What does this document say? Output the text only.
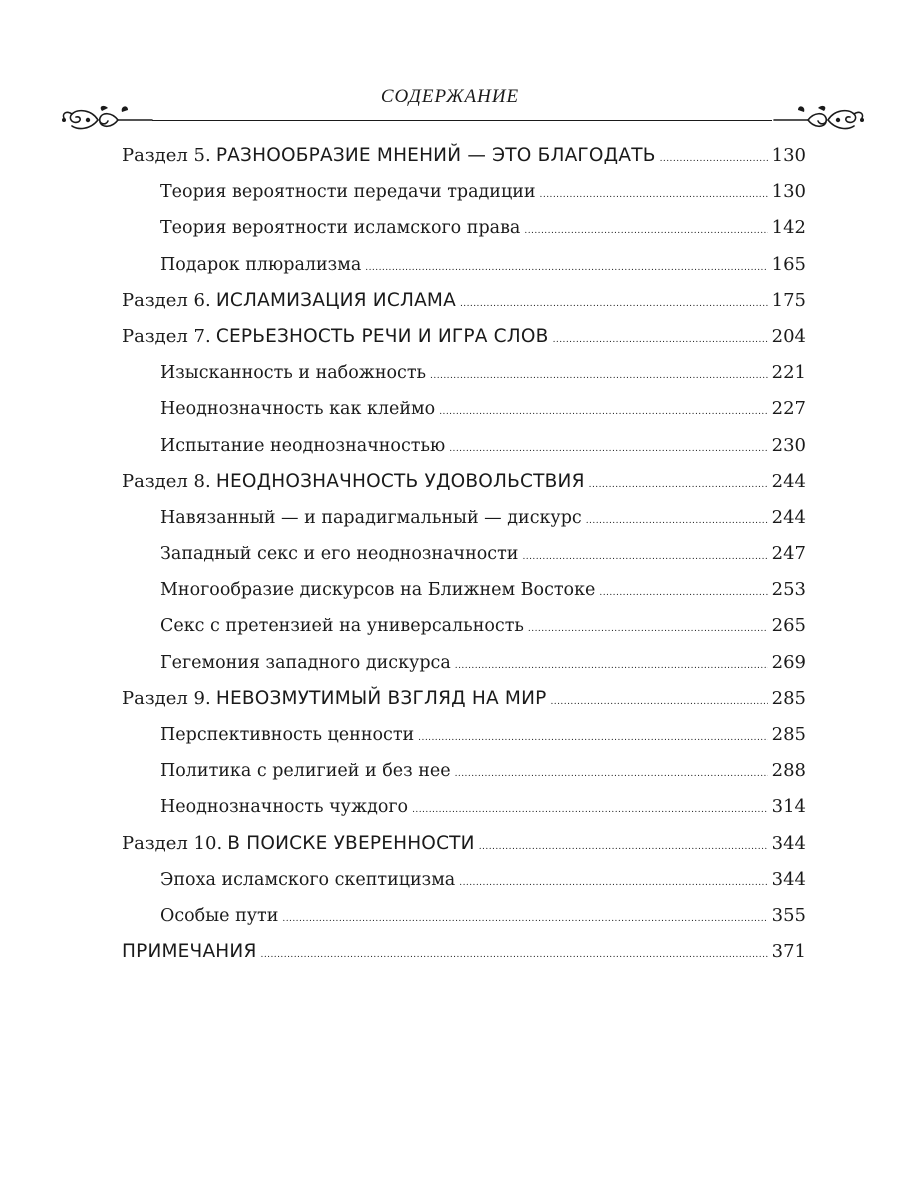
СОДЕРЖАНИЕ
Раздел 5. РАЗНООБРАЗИЕ МНЕНИЙ — ЭТО БЛАГОДАТЬ . . .	130
Теория вероятности передачи традиции . . .	130
Теория вероятности исламского права . . .	142
Подарок плюрализма . . .	165
Раздел 6. ИСЛАМИЗАЦИЯ ИСЛАМА . . .	175
Раздел 7. СЕРЬЕЗНОСТЬ РЕЧИ И ИГРА СЛОВ . . .	204
Изысканность и набожность . . .	221
Неоднозначность как клеймо . . .	227
Испытание неоднозначностью . . .	230
Раздел 8. НЕОДНОЗНАЧНОСТЬ УДОВОЛЬСТВИЯ . . .	244
Навязанный — и парадигмальный — дискурс . . .	244
Западный секс и его неоднозначности . . .	247
Многообразие дискурсов на Ближнем Востоке . . .	253
Секс с претензией на универсальность . . .	265
Гегемония западного дискурса . . .	269
Раздел 9. НЕВОЗМУТИМЫЙ ВЗГЛЯД НА МИР . . .	285
Перспективность ценности . . .	285
Политика с религией и без нее . . .	288
Неоднозначность чуждого . . .	314
Раздел 10. В ПОИСКЕ УВЕРЕННОСТИ . . .	344
Эпоха исламского скептицизма . . .	344
Особые пути . . .	355
ПРИМЕЧАНИЯ . . .	371
